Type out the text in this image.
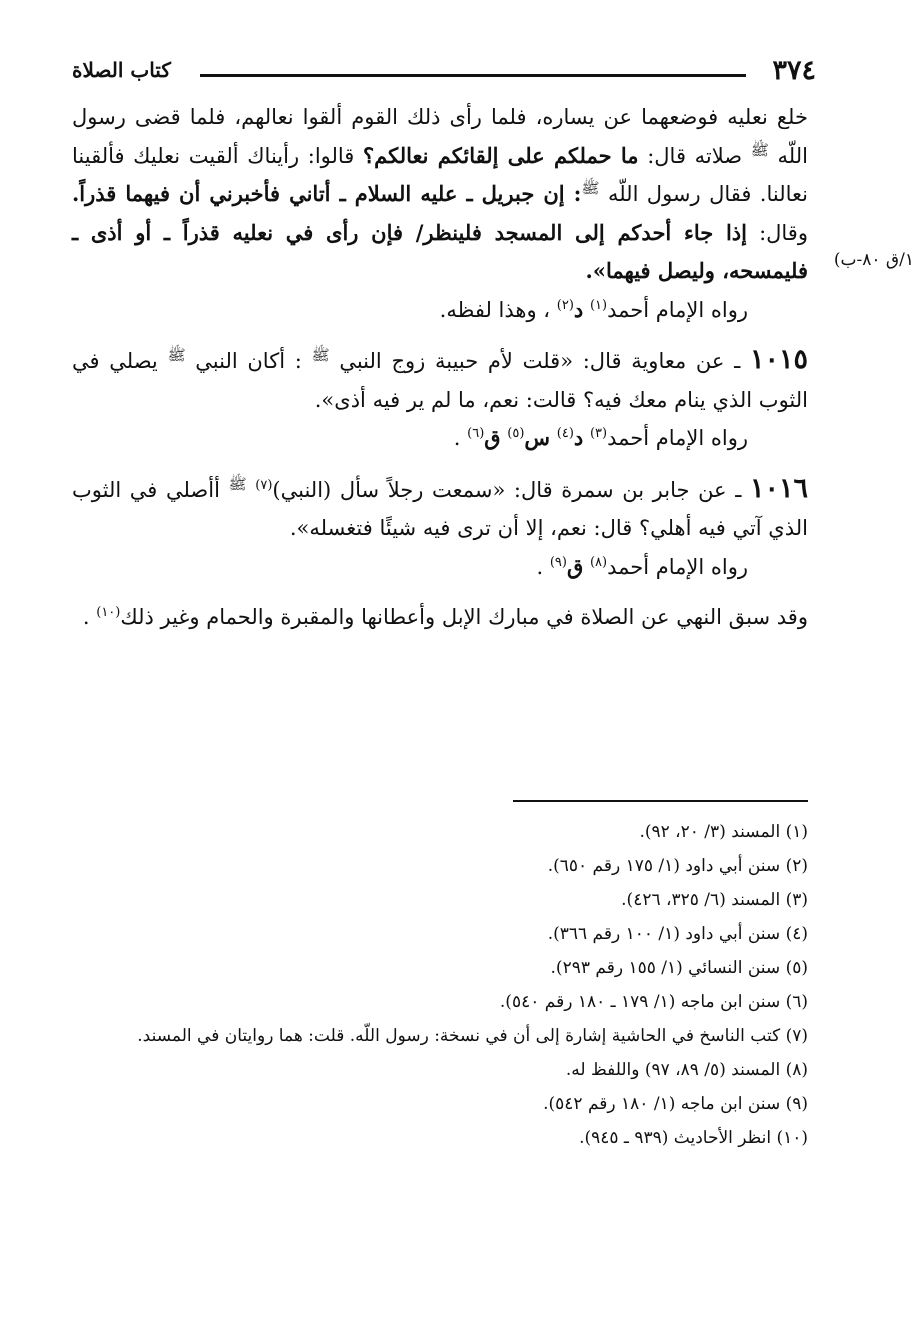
٣٧٤
كتاب الصلاة
١/ق ٨٠-ب)

خلع نعليه فوضعهما عن يساره، فلما رأى ذلك القوم ألقوا نعالهم، فلما قضى رسول اللّه $^ﷺ$ صلاته قال: ما حملكم على إلقائكم نعالكم؟ قالوا: رأيناك ألقيت نعليك فألقينا نعالنا. فقال رسول اللّه $^ﷺ$: إن جبريل ـ عليه السلام ـ أتاني فأخبرني أن فيهما قذراً. وقال: إذا جاء أحدكم إلى المسجد فلينظر/ فإن رأى في نعليه قذراً ـ أو أذى ـ فليمسحه، وليصل فيهما».

رواه الإمام أحمد$^{(١)}$ د$^{(٢)}$ ، وهذا لفظه.

١٠١٥ ـ عن معاوية قال: «قلت لأم حبيبة زوج النبي $^ﷺ$ : أكان النبي $^ﷺ$ يصلي في الثوب الذي ينام معك فيه؟ قالت: نعم، ما لم ير فيه أذى».

رواه الإمام أحمد$^{(٣)}$ د$^{(٤)}$ س$^{(٥)}$ ق$^{(٦)}$ .

١٠١٦ ـ عن جابر بن سمرة قال: «سمعت رجلاً سأل (النبي)$^{(٧)}$ $^ﷺ$ أأصلي في الثوب الذي آتي فيه أهلي؟ قال: نعم، إلا أن ترى فيه شيئًا فتغسله».

رواه الإمام أحمد$^{(٨)}$ ق$^{(٩)}$ .

وقد سبق النهي عن الصلاة في مبارك الإبل وأعطانها والمقبرة والحمام وغير ذلك$^{(١٠)}$ .

(١) المسند (٣/ ٢٠، ٩٢).

(٢) سنن أبي داود (١/ ١٧٥ رقم ٦٥٠).

(٣) المسند (٦/ ٣٢٥، ٤٢٦).

(٤) سنن أبي داود (١/ ١٠٠ رقم ٣٦٦).

(٥) سنن النسائي (١/ ١٥٥ رقم ٢٩٣).

(٦) سنن ابن ماجه (١/ ١٧٩ ـ ١٨٠ رقم ٥٤٠).

(٧) كتب الناسخ في الحاشية إشارة إلى أن في نسخة: رسول اللّه. قلت: هما روايتان في المسند.

(٨) المسند (٥/ ٨٩، ٩٧) واللفظ له.

(٩) سنن ابن ماجه (١/ ١٨٠ رقم ٥٤٢).

(١٠) انظر الأحاديث (٩٣٩ ـ ٩٤٥).
